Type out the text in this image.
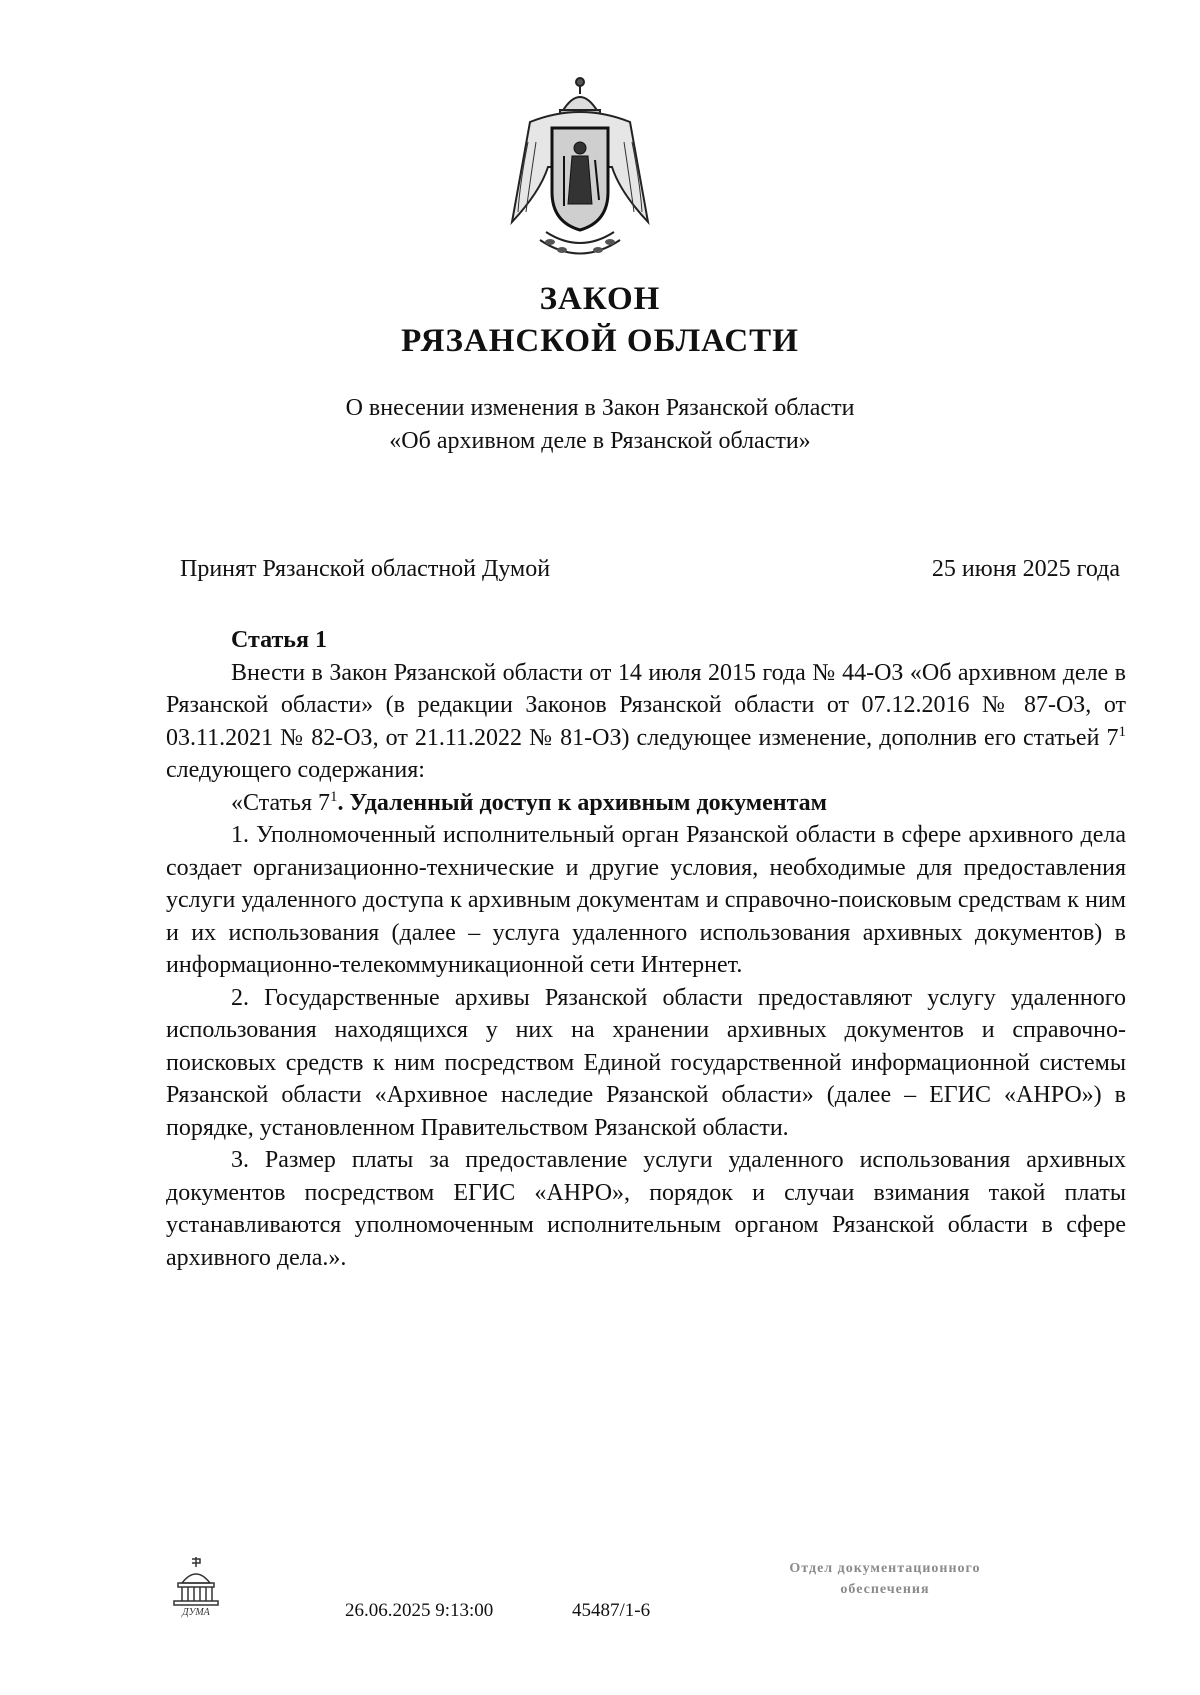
ЗАКОН
РЯЗАНСКОЙ ОБЛАСТИ
О внесении изменения в Закон Рязанской области
«Об архивном деле в Рязанской области»
Принят Рязанской областной Думой	25 июня 2025 года

Статья 1

Внести в Закон Рязанской области от 14 июля 2015 года № 44-ОЗ «Об архивном деле в Рязанской области» (в редакции Законов Рязанской области от 07.12.2016 № 87-ОЗ, от 03.11.2021 № 82-ОЗ, от 21.11.2022 № 81-ОЗ) следующее изменение, дополнив его статьей $7^1$ следующего содержания:

«Статья $7^1$. Удаленный доступ к архивным документам

1. Уполномоченный исполнительный орган Рязанской области в сфере архивного дела создает организационно-технические и другие условия, необходимые для предоставления услуги удаленного доступа к архивным документам и справочно-поисковым средствам к ним и их использования (далее – услуга удаленного использования архивных документов) в информационно-телекоммуникационной сети Интернет.

2. Государственные архивы Рязанской области предоставляют услугу удаленного использования находящихся у них на хранении архивных документов и справочно-поисковых средств к ним посредством Единой государственной информационной системы Рязанской области «Архивное наследие Рязанской области» (далее – ЕГИС «АНРО») в порядке, установленном Правительством Рязанской области.

3. Размер платы за предоставление услуги удаленного использования архивных документов посредством ЕГИС «АНРО», порядок и случаи взимания такой платы устанавливаются уполномоченным исполнительным органом Рязанской области в сфере архивного дела.».

ДУМА	26.06.2025 9:13:00	45487/1-6
Отдел документационного
обеспечения
